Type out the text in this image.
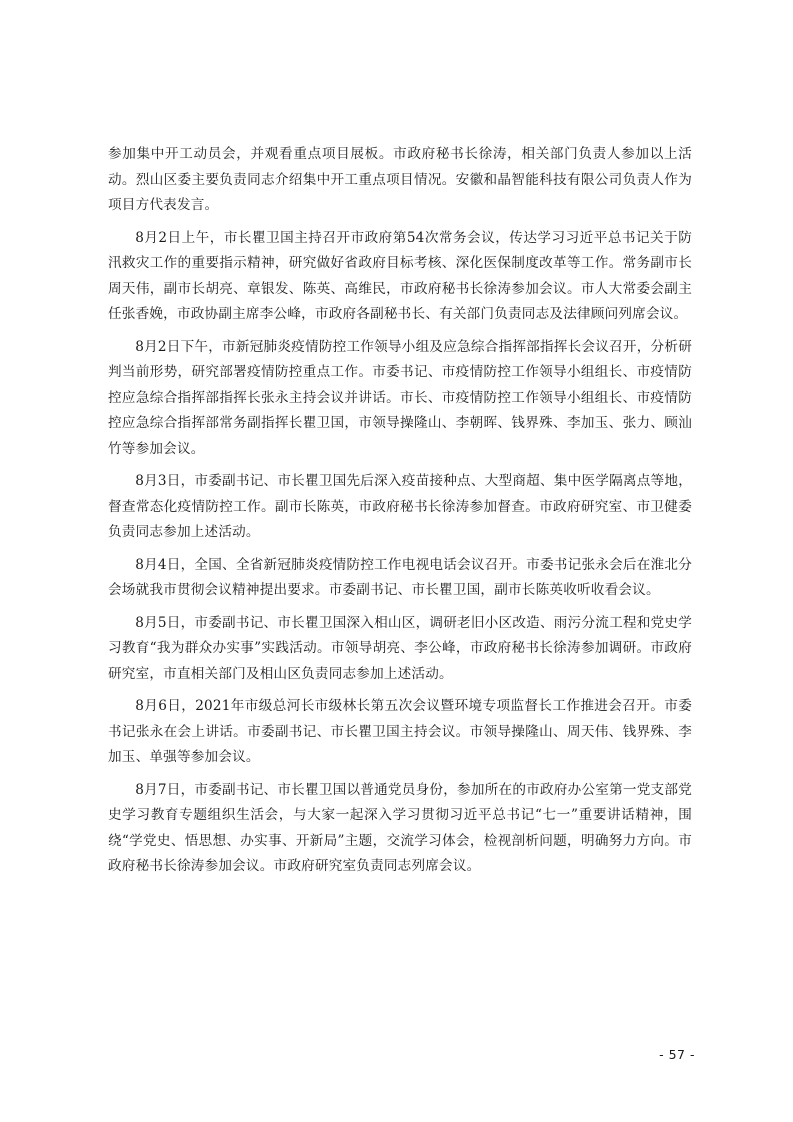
参加集中开工动员会，并观看重点项目展板。市政府秘书长徐涛，相关部门负责人参加以上活动。烈山区委主要负责同志介绍集中开工重点项目情况。安徽和晶智能科技有限公司负责人作为项目方代表发言。

8月2日上午，市长瞿卫国主持召开市政府第54次常务会议，传达学习习近平总书记关于防汛救灾工作的重要指示精神，研究做好省政府目标考核、深化医保制度改革等工作。常务副市长周天伟，副市长胡亮、章银发、陈英、高维民，市政府秘书长徐涛参加会议。市人大常委会副主任张香娩，市政协副主席李公峰，市政府各副秘书长、有关部门负责同志及法律顾问列席会议。

8月2日下午，市新冠肺炎疫情防控工作领导小组及应急综合指挥部指挥长会议召开，分析研判当前形势，研究部署疫情防控重点工作。市委书记、市疫情防控工作领导小组组长、市疫情防控应急综合指挥部指挥长张永主持会议并讲话。市长、市疫情防控工作领导小组组长、市疫情防控应急综合指挥部常务副指挥长瞿卫国，市领导操隆山、李朝晖、钱界殊、李加玉、张力、顾汕竹等参加会议。

8月3日，市委副书记、市长瞿卫国先后深入疫苗接种点、大型商超、集中医学隔离点等地，督查常态化疫情防控工作。副市长陈英，市政府秘书长徐涛参加督查。市政府研究室、市卫健委负责同志参加上述活动。

8月4日，全国、全省新冠肺炎疫情防控工作电视电话会议召开。市委书记张永会后在淮北分会场就我市贯彻会议精神提出要求。市委副书记、市长瞿卫国，副市长陈英收听收看会议。

8月5日，市委副书记、市长瞿卫国深入相山区，调研老旧小区改造、雨污分流工程和党史学习教育“我为群众办实事”实践活动。市领导胡亮、李公峰，市政府秘书长徐涛参加调研。市政府研究室，市直相关部门及相山区负责同志参加上述活动。

8月6日，2021年市级总河长市级林长第五次会议暨环境专项监督长工作推进会召开。市委书记张永在会上讲话。市委副书记、市长瞿卫国主持会议。市领导操隆山、周天伟、钱界殊、李加玉、单强等参加会议。

8月7日，市委副书记、市长瞿卫国以普通党员身份，参加所在的市政府办公室第一党支部党史学习教育专题组织生活会，与大家一起深入学习贯彻习近平总书记“七一”重要讲话精神，围绕“学党史、悟思想、办实事、开新局”主题，交流学习体会，检视剖析问题，明确努力方向。市政府秘书长徐涛参加会议。市政府研究室负责同志列席会议。

- 57 -
